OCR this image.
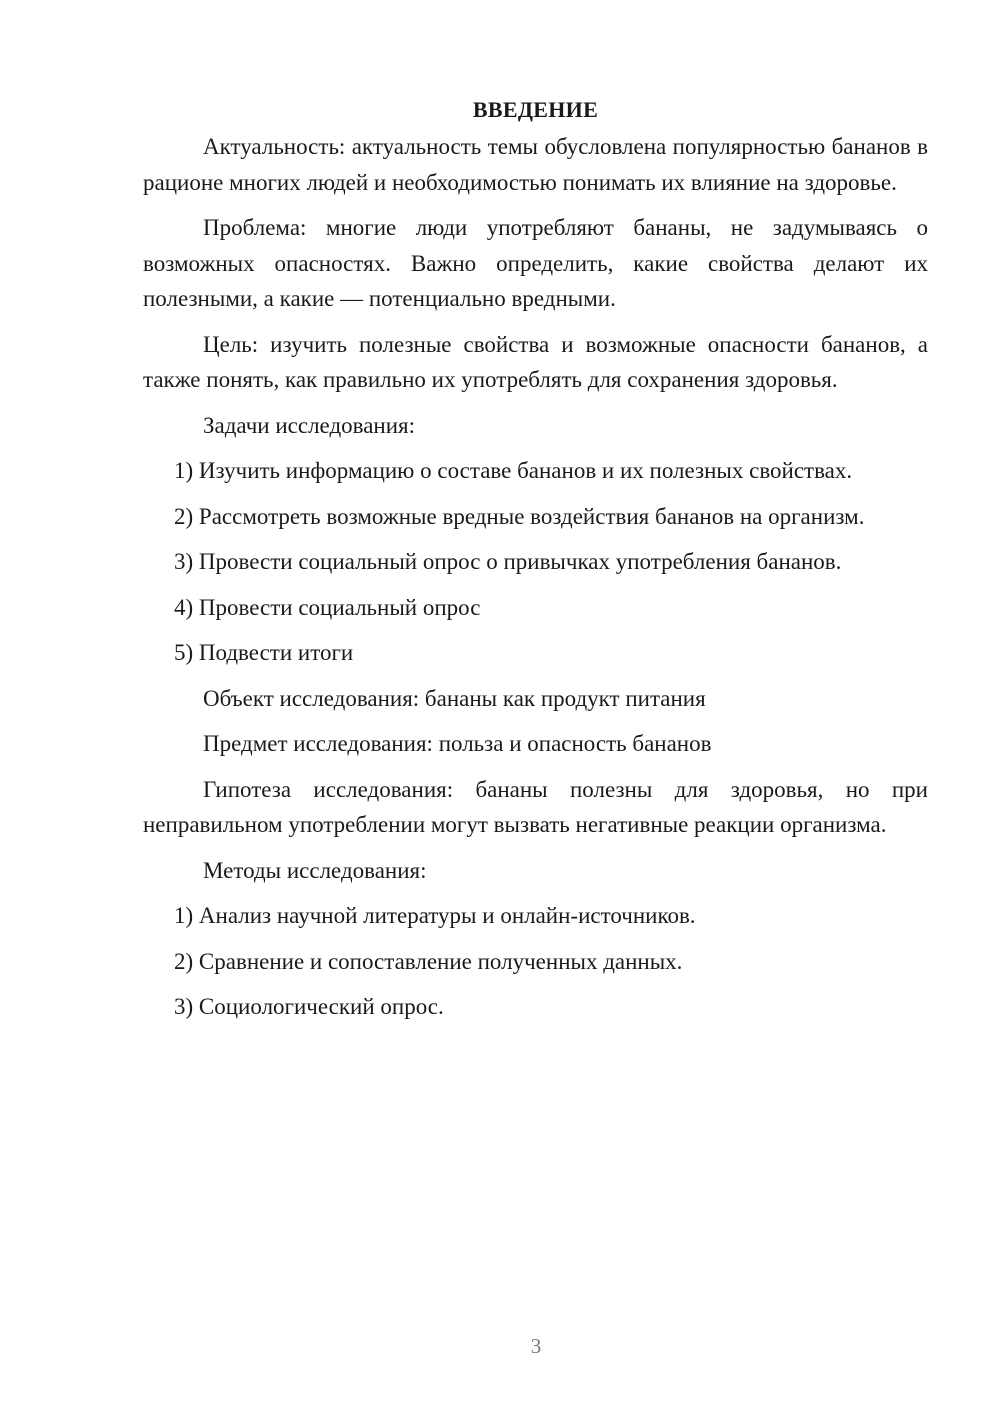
ВВЕДЕНИЕ

Актуальность: актуальность темы обусловлена популярностью бананов в рационе многих людей и необходимостью понимать их влияние на здоровье.

Проблема: многие люди употребляют бананы, не задумываясь о возможных опасностях. Важно определить, какие свойства делают их полезными, а какие — потенциально вредными.

Цель: изучить полезные свойства и возможные опасности бананов, а также понять, как правильно их употреблять для сохранения здоровья.

Задачи исследования:

1) Изучить информацию о составе бананов и их полезных свойствах.

2) Рассмотреть возможные вредные воздействия бананов на организм.

3) Провести социальный опрос о привычках употребления бананов.

4) Провести социальный опрос

5) Подвести итоги

Объект исследования: бананы как продукт питания

Предмет исследования: польза и опасность бананов

Гипотеза исследования: бананы полезны для здоровья, но при неправильном употреблении могут вызвать негативные реакции организма.

Методы исследования:

1) Анализ научной литературы и онлайн-источников.

2) Сравнение и сопоставление полученных данных.

3) Социологический опрос.

3
